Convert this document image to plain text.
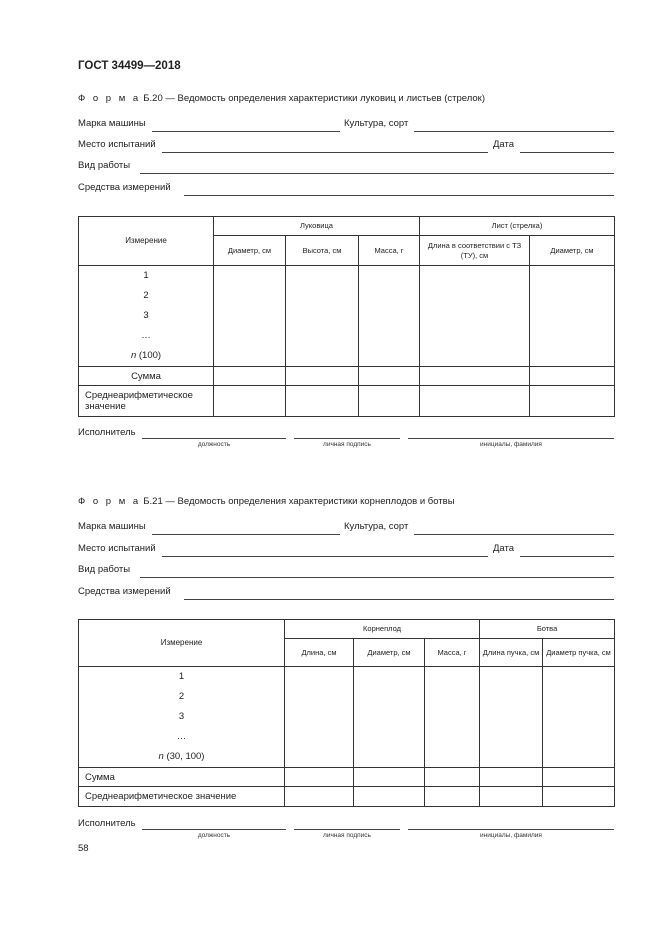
ГОСТ 34499—2018
Ф о р м а Б.20 — Ведомость определения характеристики луковиц и листьев (стрелок)
Марка машины	Культура, сорт
Место испытаний	Дата
Вид работы
Средства измерений
Измерение	Луковица			Лист (стрелка)	
	Диаметр, см	Высота, см	Масса, г	Длина в соответствии с ТЗ (ТУ), см	Диаметр, см

1
2
3
…
n (100)					

Сумма					
Среднеарифметическое значение					
Исполнитель
должность	личная подпись	инициалы, фамилия
Ф о р м а Б.21 — Ведомость определения характеристики корнеплодов и ботвы
Марка машины	Культура, сорт
Место испытаний	Дата
Вид работы
Средства измерений
Измерение	Корнеплод			Ботва	
	Длина, см	Диаметр, см	Масса, г	Длина пучка, см	Диаметр пучка, см

1
2
3
…
n (30, 100)					

Сумма					
Среднеарифметическое значение					
Исполнитель
должность	личная подпись	инициалы, фамилия
58
